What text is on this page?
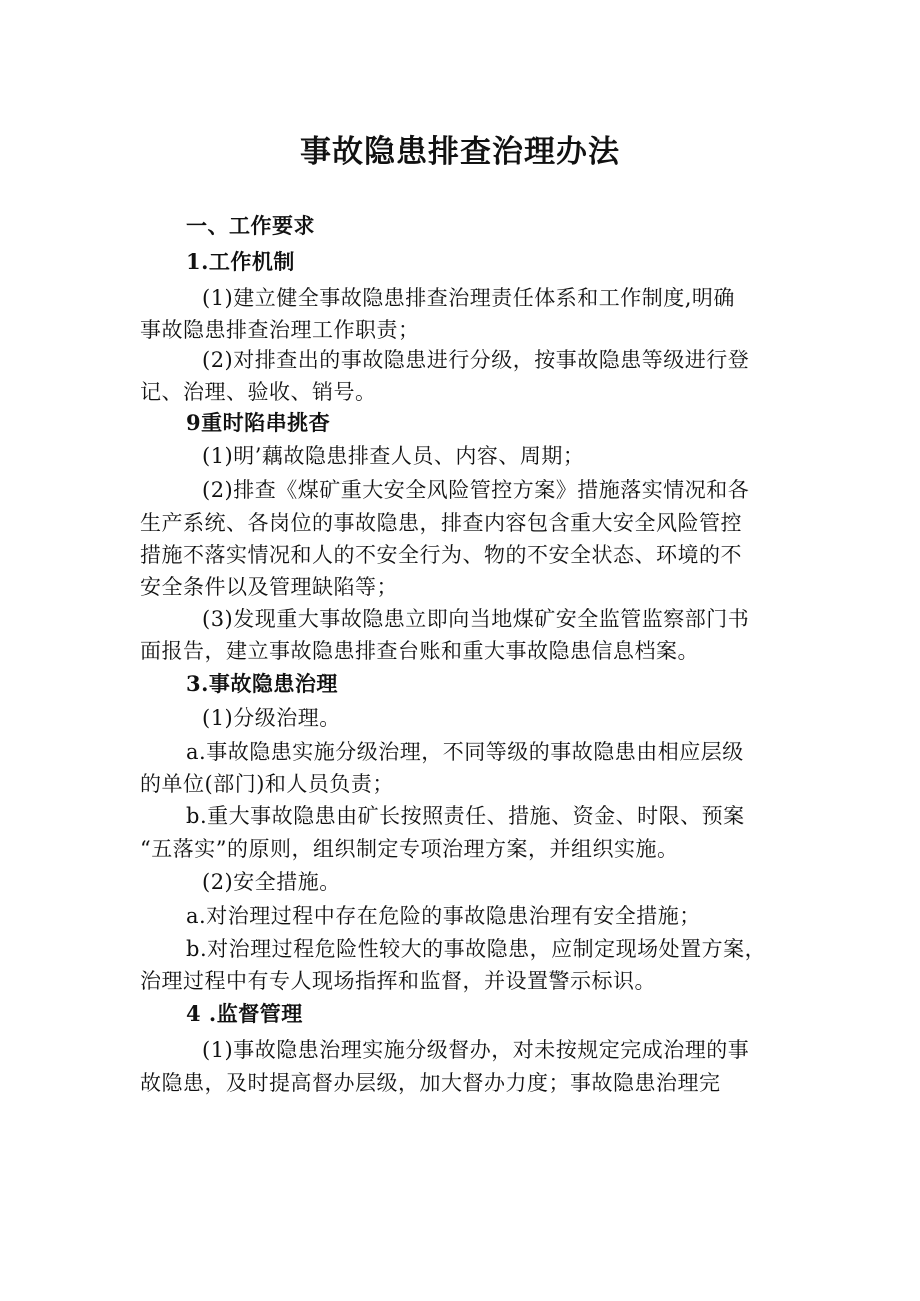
事故隐患排查治理办法
一、工作要求
1.工作机制
(1)建立健全事故隐患排查治理责任体系和工作制度,明确
事故隐患排查治理工作职责；
(2)对排查出的事故隐患进行分级，按事故隐患等级进行登
记、治理、验收、销号。
9重时陷串挑杳
(1)明’藕故隐患排查人员、内容、周期；
(2)排查《煤矿重大安全风险管控方案》措施落实情况和各
生产系统、各岗位的事故隐患，排查内容包含重大安全风险管控
措施不落实情况和人的不安全行为、物的不安全状态、环境的不
安全条件以及管理缺陷等；
(3)发现重大事故隐患立即向当地煤矿安全监管监察部门书
面报告，建立事故隐患排查台账和重大事故隐患信息档案。
3.事故隐患治理
(1)分级治理。
a.事故隐患实施分级治理，不同等级的事故隐患由相应层级
的单位(部门)和人员负责；
b.重大事故隐患由矿长按照责任、措施、资金、时限、预案
“五落实”的原则，组织制定专项治理方案，并组织实施。
(2)安全措施。
a.对治理过程中存在危险的事故隐患治理有安全措施；
b.对治理过程危险性较大的事故隐患，应制定现场处置方案，
治理过程中有专人现场指挥和监督，并设置警示标识。
4 .监督管理
(1)事故隐患治理实施分级督办，对未按规定完成治理的事
故隐患，及时提高督办层级，加大督办力度；事故隐患治理完
